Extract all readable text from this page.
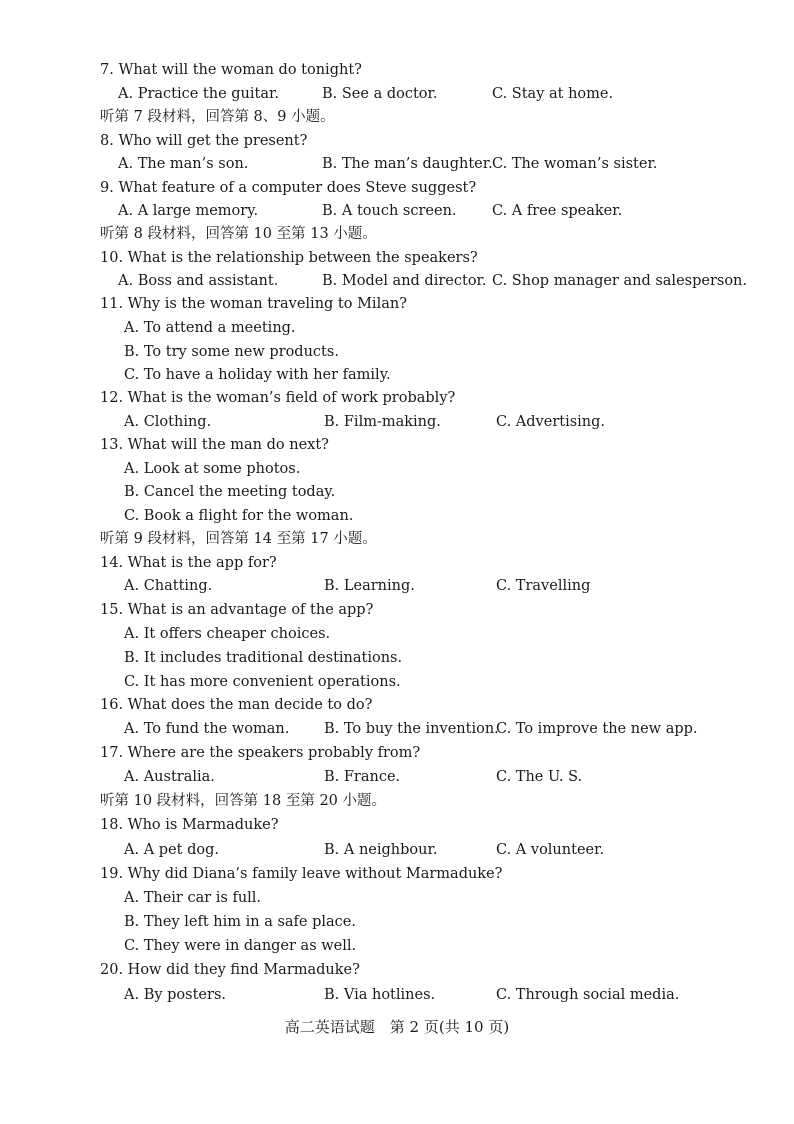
7. What will the woman do tonight?
A. Practice the guitar.	B. See a doctor.	C. Stay at home.
听第 7 段材料，回答第 8、9 小题。
8. Who will get the present?
A. The man’s son.	B. The man’s daughter. C. The woman’s sister.
9. What feature of a computer does Steve suggest?
A. A large memory.	B. A touch screen. C. A free speaker.
听第 8 段材料，回答第 10 至第 13 小题。
10. What is the relationship between the speakers?
A. Boss and assistant.	B. Model and director. C. Shop manager and salesperson.
11. Why is the woman traveling to Milan?
A. To attend a meeting.
B. To try some new products.
C. To have a holiday with her family.
12. What is the woman’s field of work probably?
A. Clothing.	B. Film-making.	C. Advertising.
13. What will the man do next?
A. Look at some photos.
B. Cancel the meeting today.
C. Book a flight for the woman.
听第 9 段材料，回答第 14 至第 17 小题。
14. What is the app for?
A. Chatting.	B. Learning.	C. Travelling
15. What is an advantage of the app?
A. It offers cheaper choices.
B. It includes traditional destinations.
C. It has more convenient operations.
16. What does the man decide to do?
A. To fund the woman. B. To buy the invention.
C. To improve the new app.
17. Where are the speakers probably from?
A. Australia.	B. France.	C. The U. S.
听第 10 段材料，回答第 18 至第 20 小题。
18. Who is Marmaduke?
A. A pet dog.	B. A neighbour.	C. A volunteer.
19. Why did Diana’s family leave without Marmaduke?
A. Their car is full.
B. They left him in a safe place.
C. They were in danger as well.
20. How did they find Marmaduke?
A. By posters.	B. Via hotlines.	C. Through social media.
高二英语试题　第 2 页(共 10 页)
